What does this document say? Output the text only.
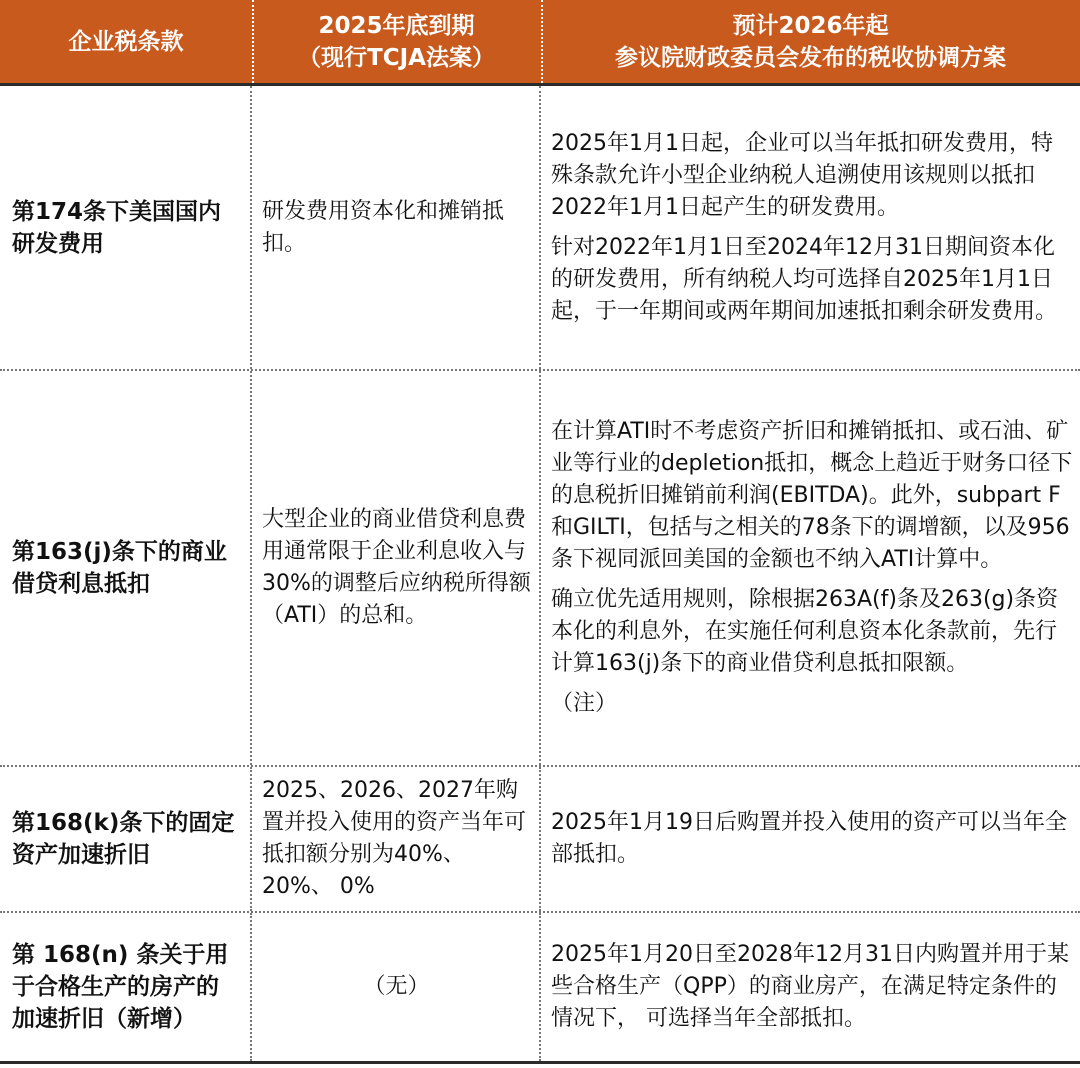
企业税条款
2025年底到期
（现行TCJA法案）
预计2026年起
参议院财政委员会发布的税收协调方案
第174条下美国国内研发费用
研发费用资本化和摊销抵扣。

2025年1月1日起，企业可以当年抵扣研发费用，特殊条款允许小型企业纳税人追溯使用该规则以抵扣2022年1月1日起产生的研发费用。

针对2022年1月1日至2024年12月31日期间资本化的研发费用，所有纳税人均可选择自2025年1月1日起，于一年期间或两年期间加速抵扣剩余研发费用。

第163(j)条下的商业借贷利息抵扣
大型企业的商业借贷利息费用通常限于企业利息收入与30%的调整后应纳税所得额（ATI）的总和。

在计算ATI时不考虑资产折旧和摊销抵扣、或石油、矿业等行业的depletion抵扣，概念上趋近于财务口径下的息税折旧摊销前利润(EBITDA)。此外，subpart F和GILTI，包括与之相关的78条下的调增额，以及956条下视同派回美国的金额也不纳入ATI计算中。

确立优先适用规则，除根据263A(f)条及263(g)条资本化的利息外，在实施任何利息资本化条款前，先行计算163(j)条下的商业借贷利息抵扣限额。

（注）

第168(k)条下的固定资产加速折旧
2025、2026、2027年购置并投入使用的资产当年可抵扣额分别为40%、20%、 0%

2025年1月19日后购置并投入使用的资产可以当年全部抵扣。

第 168(n) 条关于用于合格生产的房产的加速折旧（新增）
（无）

2025年1月20日至2028年12月31日内购置并用于某些合格生产（QPP）的商业房产，在满足特定条件的情况下， 可选择当年全部抵扣。
